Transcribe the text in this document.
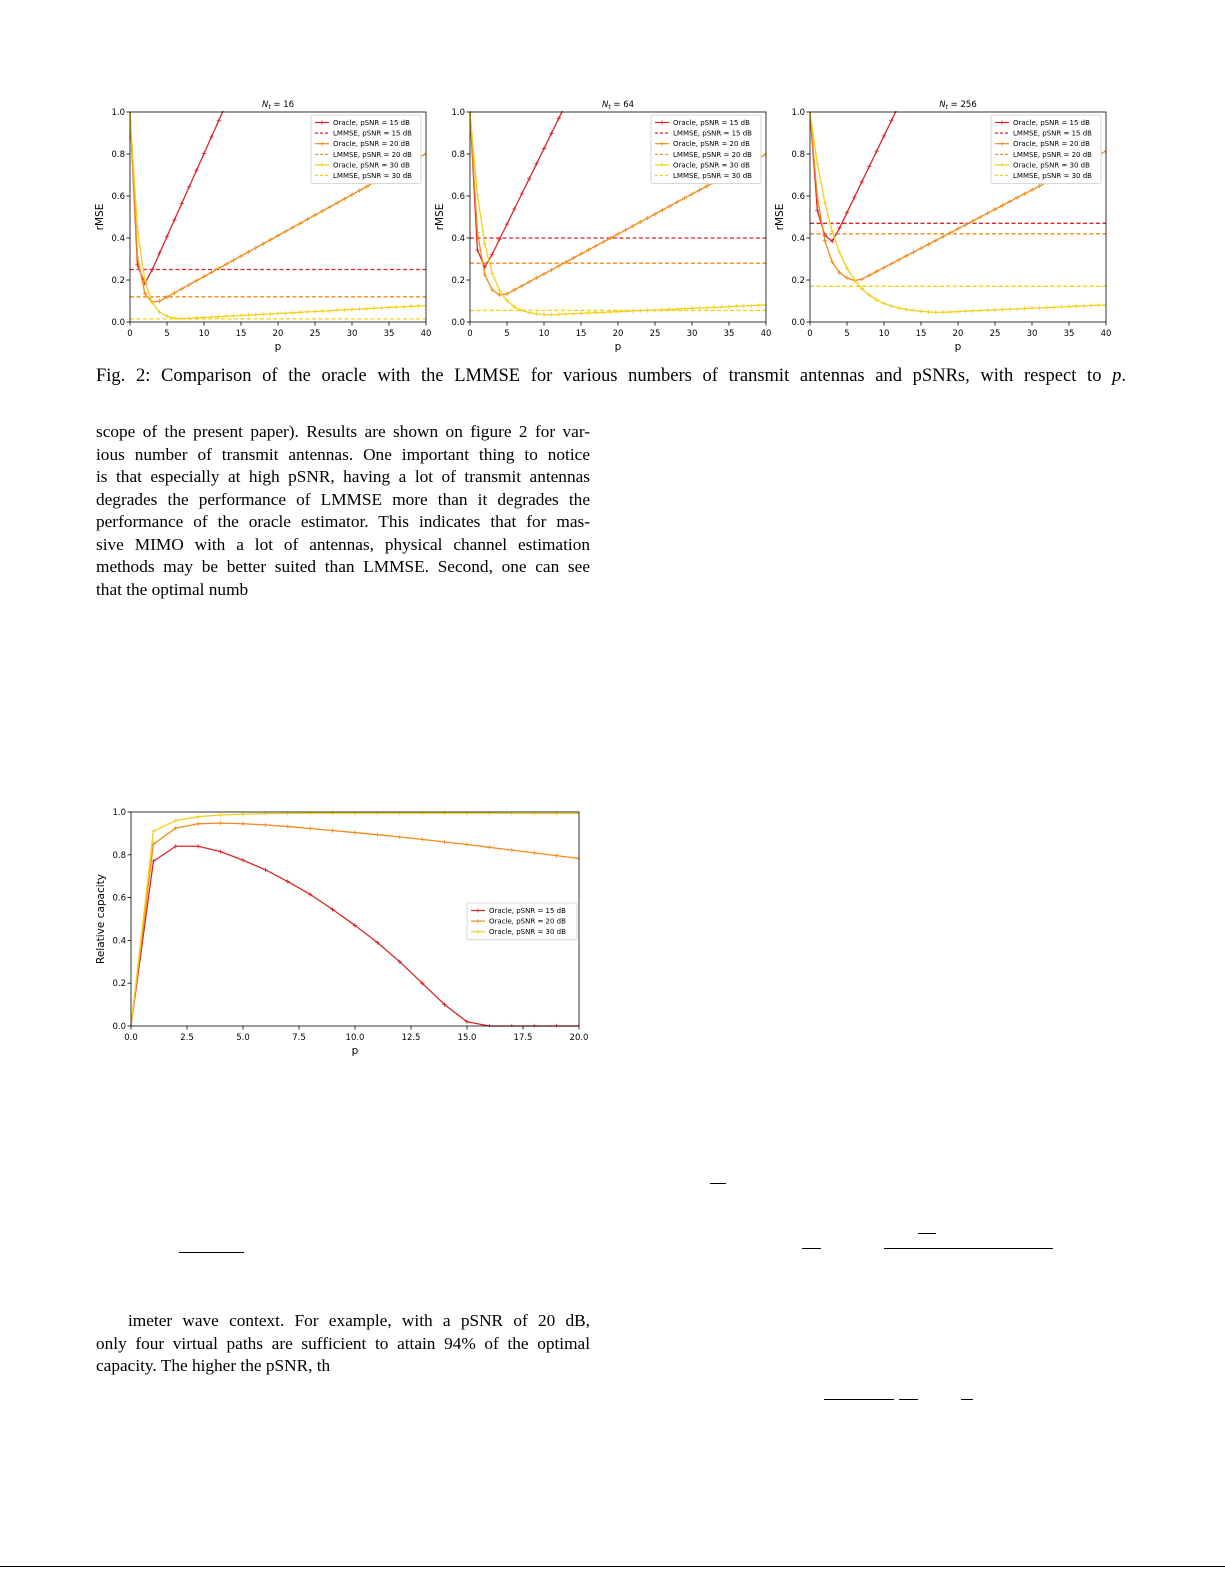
0	5	10	15	20	25	30	35	40
0.0
0.2
0.4
0.6
0.8
1.0
p
rMSE
$N_t = 16$
Oracle, pSNR = 15 dB
LMMSE, pSNR = 15 dB
Oracle, pSNR = 20 dB
LMMSE, pSNR = 20 dB
Oracle, pSNR = 30 dB
LMMSE, pSNR = 30 dB
0	5	10	15	20	25	30	35	40
0.0
0.2
0.4
0.6
0.8
1.0
p
rMSE
$N_t = 64$
Oracle, pSNR = 15 dB
LMMSE, pSNR = 15 dB
Oracle, pSNR = 20 dB
LMMSE, pSNR = 20 dB
Oracle, pSNR = 30 dB
LMMSE, pSNR = 30 dB
0	5	10	15	20	25	30	35	40
0.0
0.2
0.4
0.6
0.8
1.0
p
rMSE
$N_t = 256$
Oracle, pSNR = 15 dB
LMMSE, pSNR = 15 dB
Oracle, pSNR = 20 dB
LMMSE, pSNR = 20 dB
Oracle, pSNR = 30 dB
LMMSE, pSNR = 30 dB
Fig. 2: Comparison of the oracle with the LMMSE for various numbers of transmit antennas and pSNRs, with respect to p.
scope of the present paper). Results are shown on figure 2 for var-
ious number of transmit antennas. One important thing to notice
is that especially at high pSNR, having a lot of transmit antennas
degrades the performance of LMMSE more than it degrades the
performance of the oracle estimator. This indicates that for mas-
sive MIMO with a lot of antennas, physical channel estimation
methods may be better suited than LMMSE. Second, one can see
that the optimal numb
0.0	2.5	5.0	7.5	10.0	12.5	15.0	17.5	20.0
0.0
0.2
0.4
0.6
0.8
1.0
p
Relative capacity	Oracle, pSNR = 15 dB
Oracle, pSNR = 20 dB
Oracle, pSNR = 30 dB
imeter wave context. For example, with a pSNR of 20 dB,
only four virtual paths are sufficient to attain 94% of the optimal
capacity. The higher the pSNR, th
